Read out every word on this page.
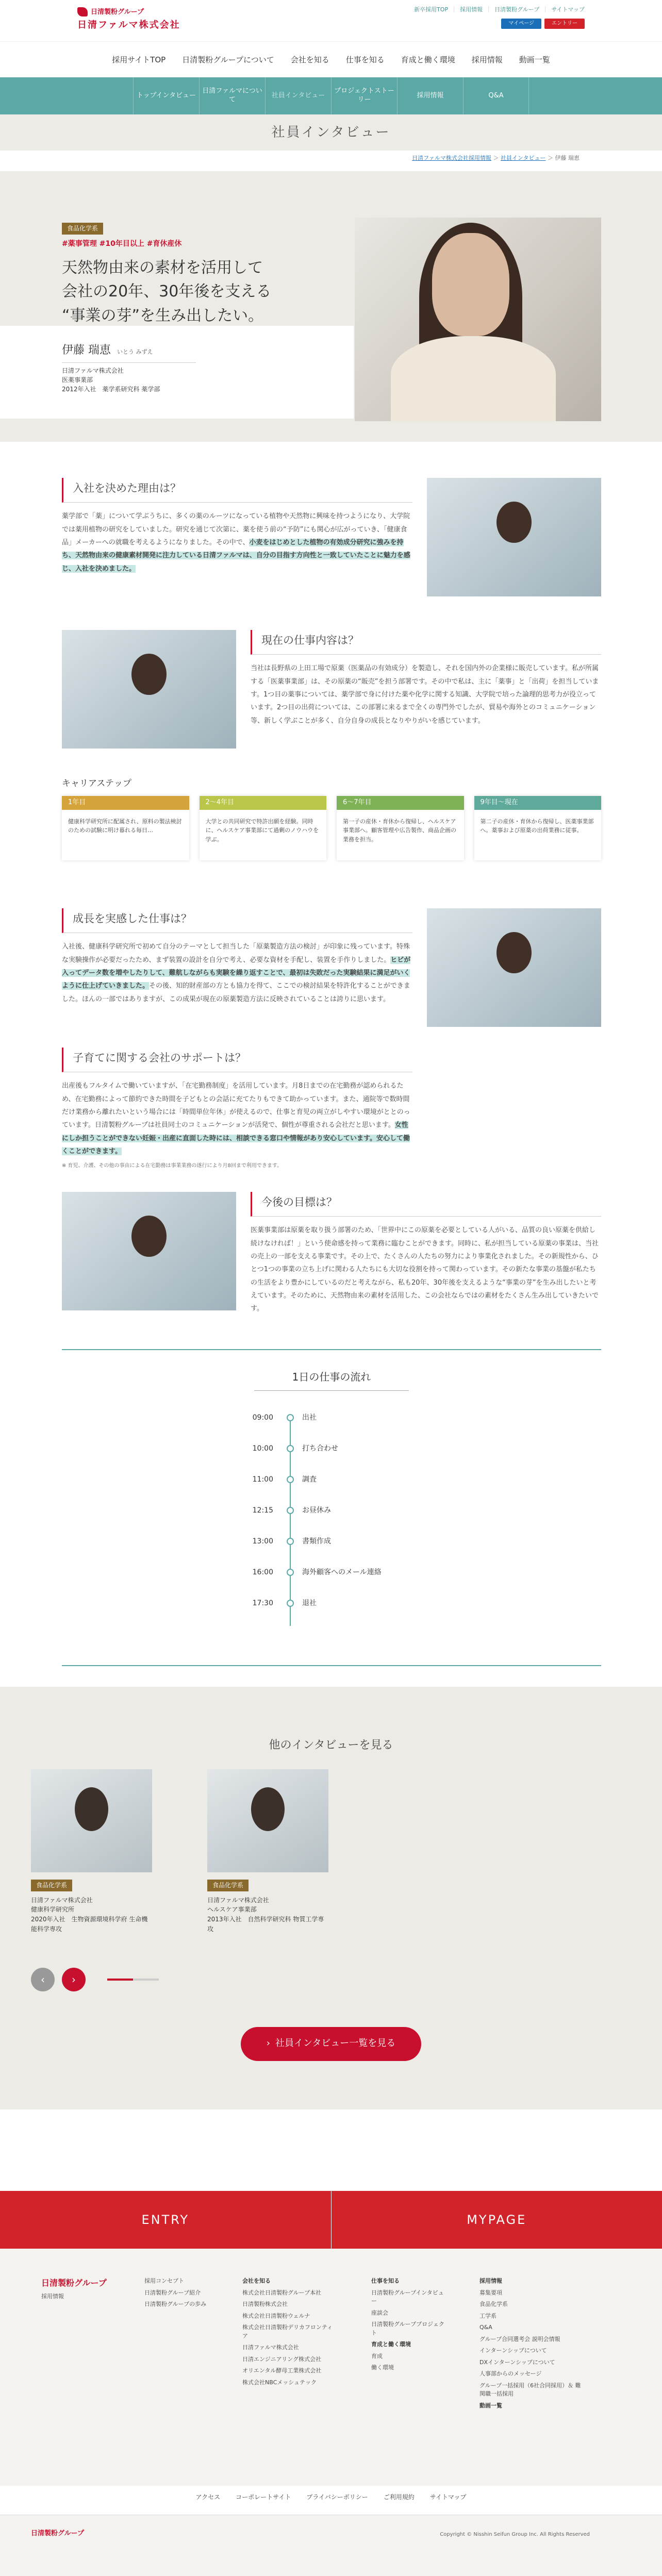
日清製粉グループ
日清ファルマ株式会社
新卒採用TOP ｜ 採用情報 ｜ 日清製粉グループ ｜ サイトマップ
マイページ	エントリー
採用サイトTOP 日清製粉グループについて 会社を知る 仕事を知る 育成と働く環境 採用情報 動画一覧
トップインタビュー
日清ファルマについて
社員インタビュー
プロジェクトストーリー
採用情報	Q&A
社員インタビュー
日清ファルマ株式会社採用情報 ＞ 社員インタビュー ＞ 伊藤 瑞恵
食品化学系
#薬事管理 #10年目以上 #育休産休
天然物由来の素材を活用して
会社の20年、30年後を支える
“事業の芽”を生み出したい。
伊藤 瑞恵 いとう みずえ

日清ファルマ株式会社

医薬事業部

2012年入社　薬学系研究科 薬学部

入社を決めた理由は？

薬学部で「薬」について学ぶうちに、多くの薬のルーツになっている植物や天然物に興味を持つようになり、大学院では薬用植物の研究をしていました。研究を通じて次第に、薬を使う前の“予防”にも関心が広がっていき、「健康食品」メーカーへの就職を考えるようになりました。その中で、小麦をはじめとした植物の有効成分研究に強みを持ち、天然物由来の健康素材開発に注力している日清ファルマは、自分の目指す方向性と一致していたことに魅力を感じ、入社を決めました。

現在の仕事内容は？

当社は長野県の上田工場で原薬（医薬品の有効成分）を製造し、それを国内外の企業様に販売しています。私が所属する「医薬事業部」は、その原薬の“販売”を担う部署です。その中で私は、主に「薬事」と「出荷」を担当しています。1つ目の薬事については、薬学部で身に付けた薬や化学に関する知識、大学院で培った論理的思考力が役立っています。2つ目の出荷については、この部署に来るまで全くの専門外でしたが、貿易や海外とのコミュニケーション等、新しく学ぶことが多く、自分自身の成長となりやりがいを感じています。

キャリアステップ
1年目
健康科学研究所に配属され、原料の製法検討のための試験に明け暮れる毎日…
2〜4年目
大学との共同研究で特許出願を経験。同時に、ヘルスケア事業部にて過剰のノウハウを学ぶ。
6〜7年目
第一子の産休・育休から復帰し、ヘルスケア事業部へ。顧客管理や広告製作、商品企画の業務を担当。
9年目〜現在
第二子の産休・育休から復帰し、医薬事業部へ。薬事および原薬の出荷業務に従事。
成長を実感した仕事は？

入社後、健康科学研究所で初めて自分のテーマとして担当した「原薬製造方法の検討」が印象に残っています。特殊な実験操作が必要だったため、まず装置の設計を自分で考え、必要な資材を手配し、装置を手作りしました。ヒビが入ってデータ数を増やしたりして、難航しながらも実験を繰り返すことで、最初は失敗だった実験結果に満足がいくように仕上げていきました。その後、知的財産部の方とも協力を得て、ここでの検討結果を特許化することができました。ほんの一部ではありますが、この成果が現在の原薬製造方法に反映されていることは誇りに思います。

子育てに関する会社のサポートは？

出産後もフルタイムで働いていますが、「在宅勤務制度」を活用しています。月8日までの在宅勤務が認められるため、在宅勤務によって節約できた時間を子どもとの会話に充てたりもできて助かっています。また、通院等で数時間だけ業務から離れたいという場合には「時間単位年休」が使えるので、仕事と育児の両立がしやすい環境がととのっています。日清製粉グループは社員同士のコミュニケーションが活発で、個性が尊重される会社だと思います。女性にしか担うことができない妊娠・出産に直面した時には、相談できる窓口や情報があり安心しています。安心して働くことができます。

※ 育児、介護、その他の事由による在宅勤務は事業業務の遂行により月8回まで利用できます。

今後の目標は？

医薬事業部は原薬を取り扱う部署のため、「世界中にこの原薬を必要としている人がいる、品質の良い原薬を供給し続けなければ！」という使命感を持って業務に臨むことができます。同時に、私が担当している原薬の事業は、当社の売上の一部を支える事業です。その上で、たくさんの人たちの努力により事業化されました。その新規性から、ひとつ1つの事業の立ち上げに関わる人たちにも大切な役割を持って関わっています。その新たな事業の基盤が私たちの生活をより豊かにしているのだと考えながら、私も20年、30年後を支えるような“事業の芽”を生み出したいと考えています。そのために、天然物由来の素材を活用した、この会社ならではの素材をたくさん生み出していきたいです。

1日の仕事の流れ
09:00	出社
10:00	打ち合わせ
11:00	調査
12:15	お昼休み
13:00	書類作成
16:00	海外顧客へのメール連絡
17:30	退社
他のインタビューを見る
食品化学系
日清ファルマ株式会社
健康科学研究所
2020年入社　生物資源環境科学府 生命機能科学専攻
食品化学系
日清ファルマ株式会社
ヘルスケア事業部
2013年入社　自然科学研究科 物質工学専攻
‹	›
› 社員インタビュー一覧を見る
ENTRY	MYPAGE
日清製粉グループ
採用情報
採用コンセプト
日清製粉グループ紹介
日清製粉グループの歩み
会社を知る
株式会社日清製粉グループ本社
日清製粉株式会社
株式会社日清製粉ウェルナ
株式会社日清製粉デリカフロンティア
日清ファルマ株式会社
日清エンジニアリング株式会社
オリエンタル酵母工業株式会社
株式会社NBCメッシュテック
仕事を知る
日清製粉グループインタビュー
座談会
日清製粉グループプロジェクト
育成と働く環境
育成
働く環境
採用情報
募集要項
食品化学系
工学系
Q&A
グループ合同選考会 説明会情報
インターンシップについて
DXインターンシップについて
人事部からのメッセージ
グループ一括採用（6社合同採用）＆ 難関職一括採用
動画一覧
アクセス	コーポレートサイト	プライバシーポリシー	ご利用規約	サイトマップ
日清製粉グループ	Copyright © Nisshin Seifun Group Inc. All Rights Reserved
